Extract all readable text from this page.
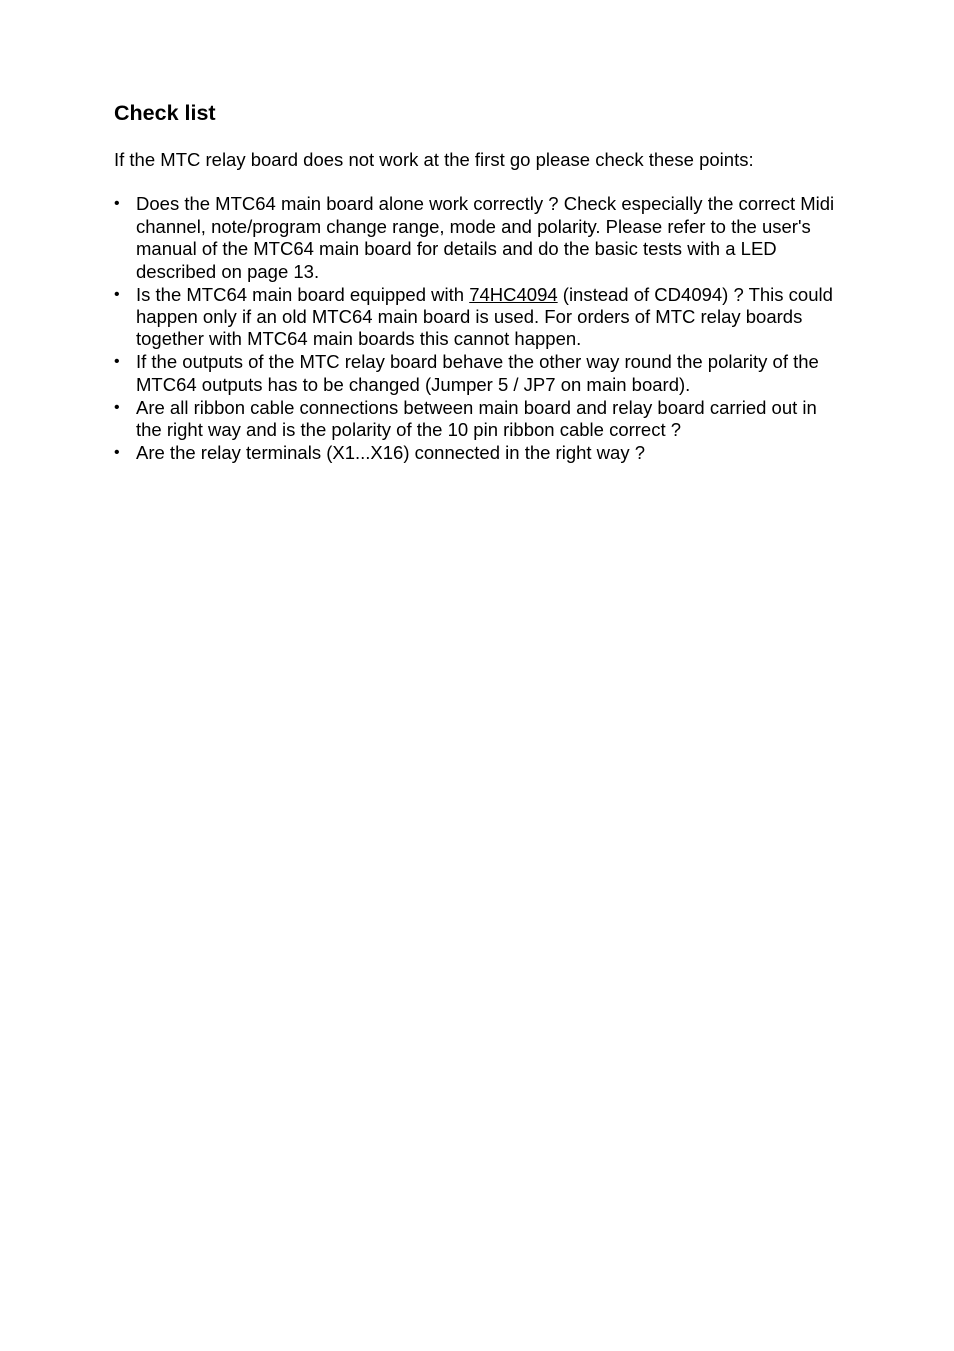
Check list

If the MTC relay board does not work at the first go please check these points:

• Does the MTC64 main board alone work correctly ? Check especially the correct Midi channel, note/program change range, mode and polarity. Please refer to the user's manual of the MTC64 main board for details and do the basic tests with a LED described on page 13.
• Is the MTC64 main board equipped with 74HC4094 (instead of CD4094) ? This could happen only if an old MTC64 main board is used. For orders of MTC relay boards together with MTC64 main boards this cannot happen.
• If the outputs of the MTC relay board behave the other way round the polarity of the MTC64 outputs has to be changed (Jumper 5 / JP7 on main board).
• Are all ribbon cable connections between main board and relay board carried out in the right way and is the polarity of the 10 pin ribbon cable correct ?
• Are the relay terminals (X1...X16) connected in the right way ?
